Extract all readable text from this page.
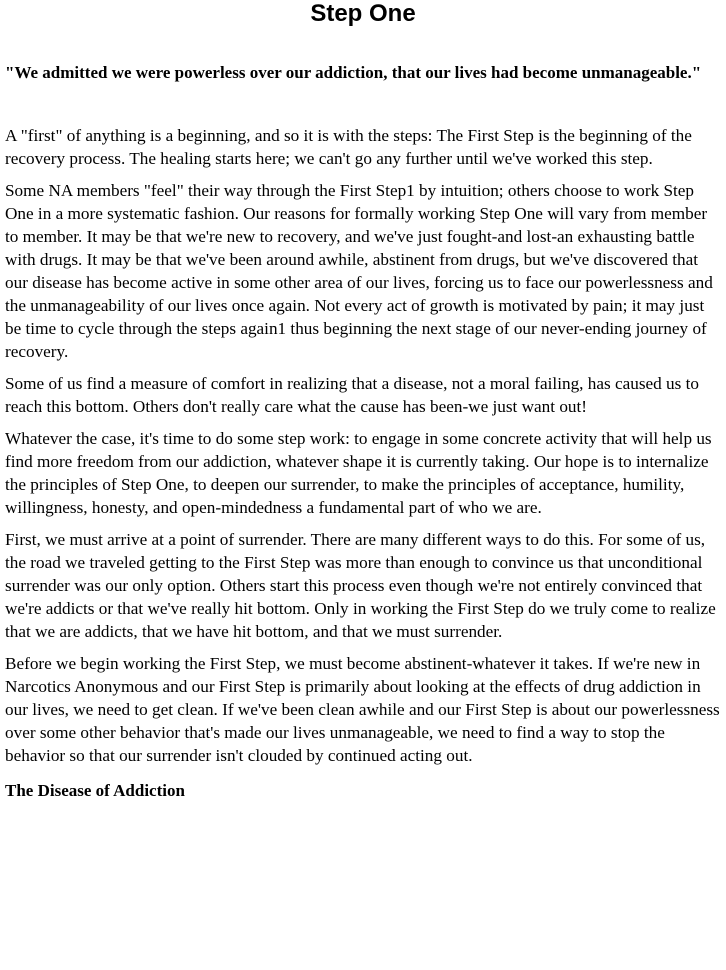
Step One

"We admitted we were powerless over our addiction, that our lives had become unmanageable."

A "first" of anything is a beginning, and so it is with the steps: The First Step is the beginning of the recovery process. The healing starts here; we can't go any further until we've worked this step.

Some NA members "feel" their way through the First Step1 by intuition; others choose to work Step One in a more systematic fashion. Our reasons for formally working Step One will vary from member to member. It may be that we're new to recovery, and we've just fought-and lost-an exhausting battle with drugs. It may be that we've been around awhile, abstinent from drugs, but we've discovered that our disease has become active in some other area of our lives, forcing us to face our powerlessness and the unmanageability of our lives once again. Not every act of growth is motivated by pain; it may just be time to cycle through the steps again1 thus beginning the next stage of our never-ending journey of recovery.

Some of us find a measure of comfort in realizing that a disease, not a moral failing, has caused us to reach this bottom. Others don't really care what the cause has been-we just want out!

Whatever the case, it's time to do some step work: to engage in some concrete activity that will help us find more freedom from our addiction, whatever shape it is currently taking. Our hope is to internalize the principles of Step One, to deepen our surrender, to make the principles of acceptance, humility, willingness, honesty, and open-mindedness a fundamental part of who we are.

First, we must arrive at a point of surrender. There are many different ways to do this. For some of us, the road we traveled getting to the First Step was more than enough to convince us that unconditional surrender was our only option. Others start this process even though we're not entirely convinced that we're addicts or that we've really hit bottom. Only in working the First Step do we truly come to realize that we are addicts, that we have hit bottom, and that we must surrender.

Before we begin working the First Step, we must become abstinent-whatever it takes. If we're new in Narcotics Anonymous and our First Step is primarily about looking at the effects of drug addiction in our lives, we need to get clean. If we've been clean awhile and our First Step is about our powerlessness over some other behavior that's made our lives unmanageable, we need to find a way to stop the behavior so that our surrender isn't clouded by continued acting out.

The Disease of Addiction
